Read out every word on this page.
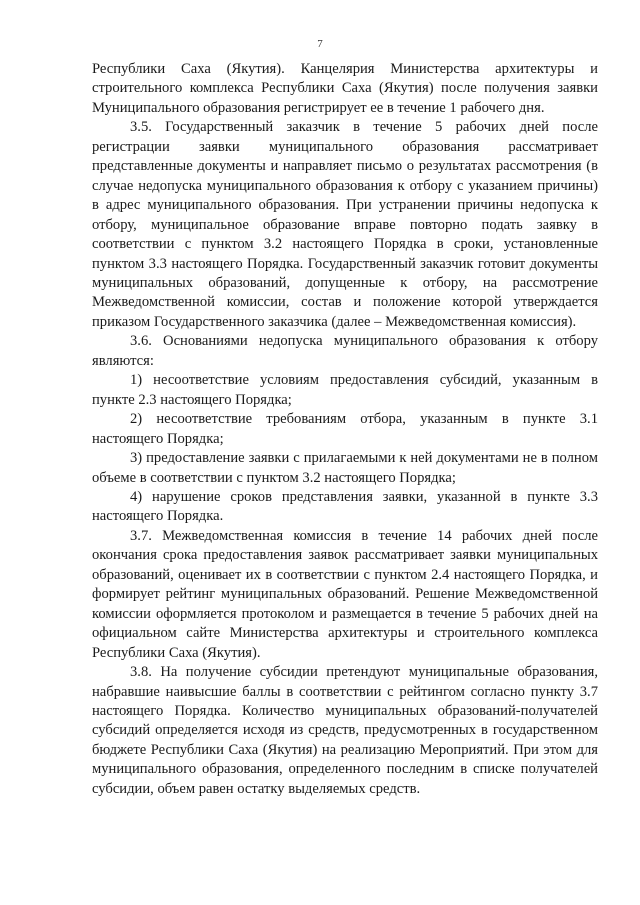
7

Республики Саха (Якутия). Канцелярия Министерства архитектуры и строительного комплекса Республики Саха (Якутия) после получения заявки Муниципального образования регистрирует ее в течение 1 рабочего дня.

3.5. Государственный заказчик в течение 5 рабочих дней после регистрации заявки муниципального образования рассматривает представленные документы и направляет письмо о результатах рассмотрения (в случае недопуска муниципального образования к отбору с указанием причины) в адрес муниципального образования. При устранении причины недопуска к отбору, муниципальное образование вправе повторно подать заявку в соответствии с пунктом 3.2 настоящего Порядка в сроки, установленные пунктом 3.3 настоящего Порядка. Государственный заказчик готовит документы муниципальных образований, допущенные к отбору, на рассмотрение Межведомственной комиссии, состав и положение которой утверждается приказом Государственного заказчика (далее – Межведомственная комиссия).

3.6. Основаниями недопуска муниципального образования к отбору являются:

1) несоответствие условиям предоставления субсидий, указанным в пункте 2.3 настоящего Порядка;

2) несоответствие требованиям отбора, указанным в пункте 3.1 настоящего Порядка;

3) предоставление заявки с прилагаемыми к ней документами не в полном объеме в соответствии с пунктом 3.2 настоящего Порядка;

4) нарушение сроков представления заявки, указанной в пункте 3.3 настоящего Порядка.

3.7. Межведомственная комиссия в течение 14 рабочих дней после окончания срока предоставления заявок рассматривает заявки муниципальных образований, оценивает их в соответствии с пунктом 2.4 настоящего Порядка, и формирует рейтинг муниципальных образований. Решение Межведомственной комиссии оформляется протоколом и размещается в течение 5 рабочих дней на официальном сайте Министерства архитектуры и строительного комплекса Республики Саха (Якутия).

3.8. На получение субсидии претендуют муниципальные образования, набравшие наивысшие баллы в соответствии с рейтингом согласно пункту 3.7 настоящего Порядка. Количество муниципальных образований-получателей субсидий определяется исходя из средств, предусмотренных в государственном бюджете Республики Саха (Якутия) на реализацию Мероприятий. При этом для муниципального образования, определенного последним в списке получателей субсидии, объем равен остатку выделяемых средств.
